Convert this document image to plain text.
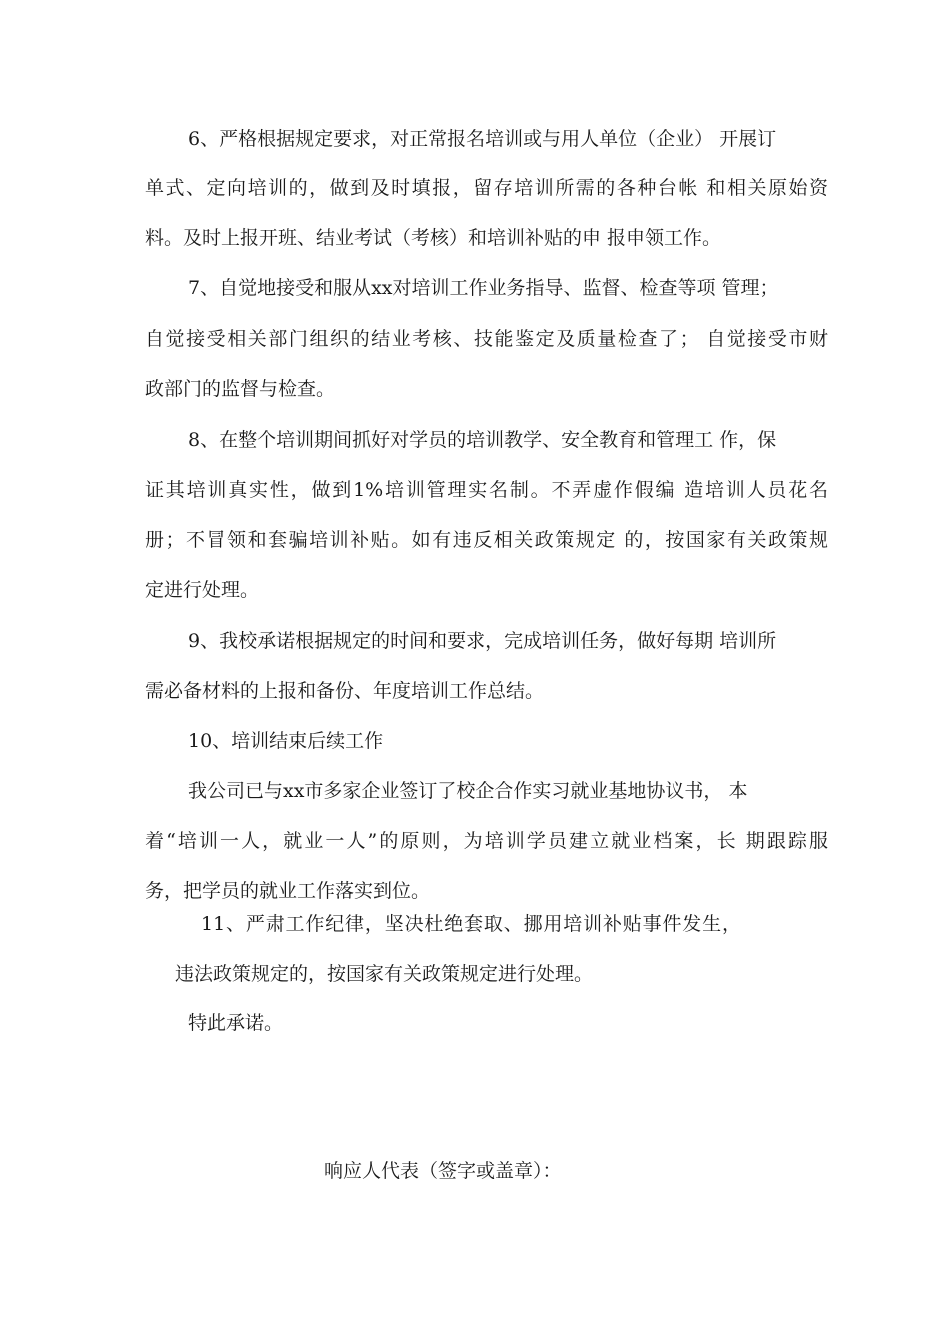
6、严格根据规定要求，对正常报名培训或与用人单位（企业） 开展订
单式、定向培训的，做到及时填报，留存培训所需的各种台帐 和相关原始资
料。及时上报开班、结业考试（考核）和培训补贴的申 报申领工作。
7、自觉地接受和服从xx对培训工作业务指导、监督、检查等项 管理；
自觉接受相关部门组织的结业考核、技能鉴定及质量检查了； 自觉接受市财
政部门的监督与检查。
8、在整个培训期间抓好对学员的培训教学、安全教育和管理工 作，保
证其培训真实性，做到1%培训管理实名制。不弄虚作假编 造培训人员花名
册；不冒领和套骗培训补贴。如有违反相关政策规定 的，按国家有关政策规
定进行处理。
9、我校承诺根据规定的时间和要求，完成培训任务，做好每期 培训所
需必备材料的上报和备份、年度培训工作总结。
10、培训结束后续工作
我公司已与xx市多家企业签订了校企合作实习就业基地协议书， 本
着“培训一人，就业一人”的原则，为培训学员建立就业档案，长 期跟踪服
务，把学员的就业工作落实到位。
11、严肃工作纪律，坚决杜绝套取、挪用培训补贴事件发生，
违法政策规定的，按国家有关政策规定进行处理。
特此承诺。
响应人代表（签字或盖章）：
